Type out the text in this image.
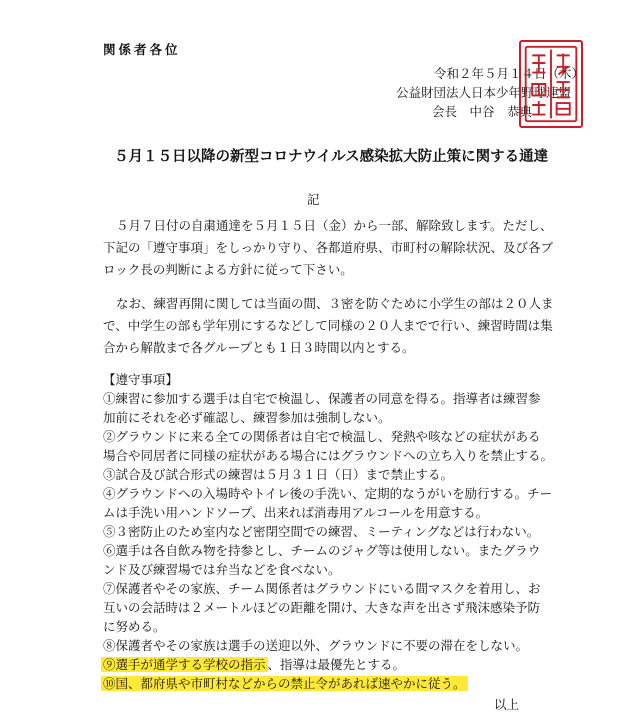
関係者各位
令和２年５月１４日（木）
公益財団法人日本少年野球連盟
会長　中谷　恭典
５月１５日以降の新型コロナウイルス感染拡大防止策に関する通達
記
５月７日付の自粛通達を５月１５日（金）から一部、解除致します。ただし、
下記の「遵守事項」をしっかり守り、各都道府県、市町村の解除状況、及び各ブ
ロック長の判断による方針に従って下さい。
なお、練習再開に関しては当面の間、３密を防ぐために小学生の部は２０人ま
で、中学生の部も学年別にするなどして同様の２０人までで行い、練習時間は集
合から解散まで各グループとも１日３時間以内とする。
【遵守事項】
①練習に参加する選手は自宅で検温し、保護者の同意を得る。指導者は練習参
加前にそれを必ず確認し、練習参加は強制しない。
②グラウンドに来る全ての関係者は自宅で検温し、発熱や咳などの症状がある
場合や同居者に同様の症状がある場合にはグラウンドへの立ち入りを禁止する。
③試合及び試合形式の練習は５月３１日（日）まで禁止する。
④グラウンドへの入場時やトイレ後の手洗い、定期的なうがいを励行する。チー
ムは手洗い用ハンドソープ、出来れば消毒用アルコールを用意する。
⑤３密防止のため室内など密閉空間での練習、ミーティングなどは行わない。
⑥選手は各自飲み物を持参とし、チームのジャグ等は使用しない。またグラウ
ンド及び練習場では弁当などを食べない。
⑦保護者やその家族、チーム関係者はグラウンドにいる間マスクを着用し、お
互いの会話時は２メートルほどの距離を開け、大きな声を出さず飛沫感染予防
に努める。
⑧保護者やその家族は選手の送迎以外、グラウンドに不要の滞在をしない。
⑨選手が通学する学校の指示 、指導は最優先とする。
⑩国、都府県や市町村などからの禁止令があれば速やかに従う。
以上
